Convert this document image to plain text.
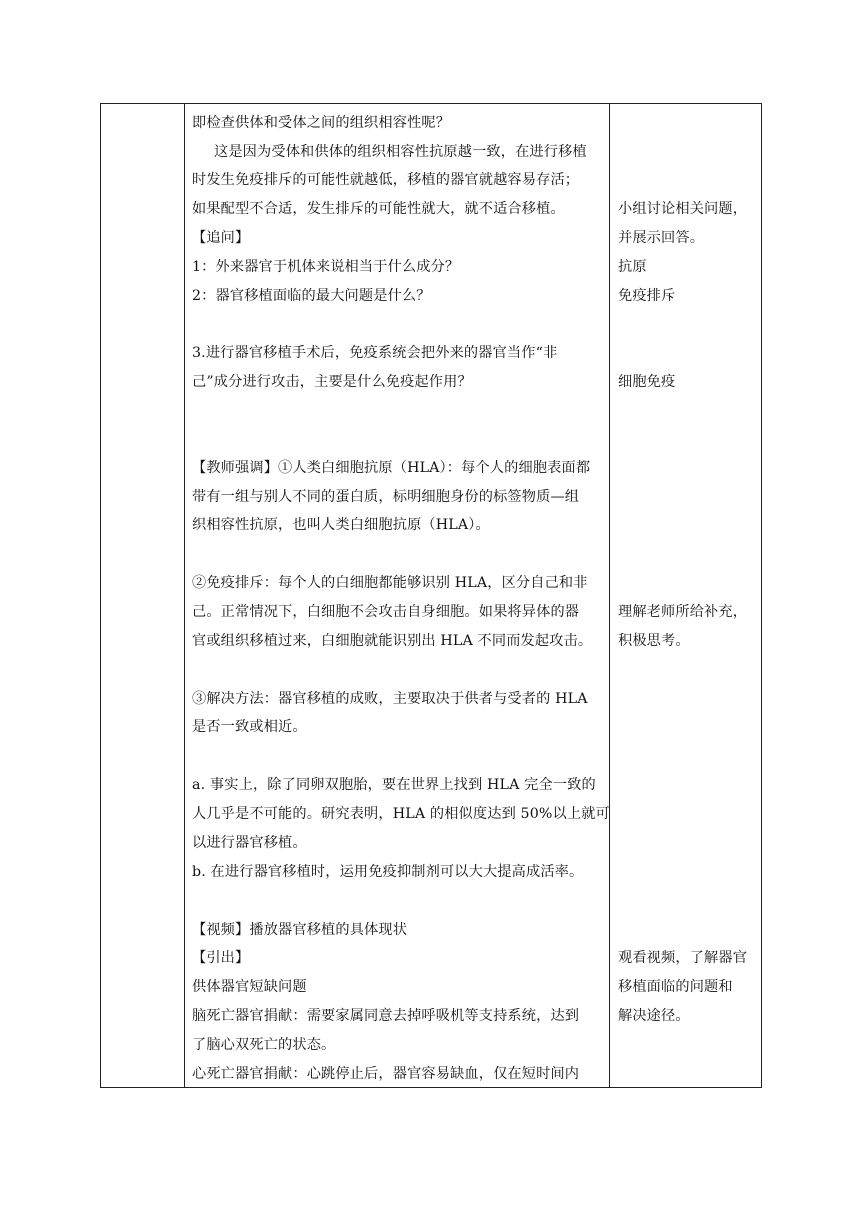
即检查供体和受体之间的组织相容性呢？
这是因为受体和供体的组织相容性抗原越一致，在进行移植
时发生免疫排斥的可能性就越低，移植的器官就越容易存活；
如果配型不合适，发生排斥的可能性就大，就不适合移植。
【追问】
1：外来器官于机体来说相当于什么成分？
2：器官移植面临的最大问题是什么？
3.进行器官移植手术后，免疫系统会把外来的器官当作“非
己”成分进行攻击，主要是什么免疫起作用？
【教师强调】①人类白细胞抗原（HLA）：每个人的细胞表面都
带有一组与别人不同的蛋白质，标明细胞身份的标签物质—组
织相容性抗原，也叫人类白细胞抗原（HLA）。
②免疫排斥：每个人的白细胞都能够识别 HLA，区分自己和非
己。正常情况下，白细胞不会攻击自身细胞。如果将异体的器
官或组织移植过来，白细胞就能识别出 HLA 不同而发起攻击。
③解决方法：器官移植的成败，主要取决于供者与受者的 HLA
是否一致或相近。
a. 事实上，除了同卵双胞胎，要在世界上找到 HLA 完全一致的
人几乎是不可能的。研究表明，HLA 的相似度达到 50%以上就可
以进行器官移植。
b. 在进行器官移植时，运用免疫抑制剂可以大大提高成活率。
【视频】播放器官移植的具体现状
【引出】
供体器官短缺问题
脑死亡器官捐献：需要家属同意去掉呼吸机等支持系统，达到
了脑心双死亡的状态。
心死亡器官捐献：心跳停止后，器官容易缺血，仅在短时间内
小组讨论相关问题，
并展示回答。
抗原
免疫排斥
细胞免疫
理解老师所给补充，
积极思考。
观看视频，了解器官
移植面临的问题和
解决途径。
